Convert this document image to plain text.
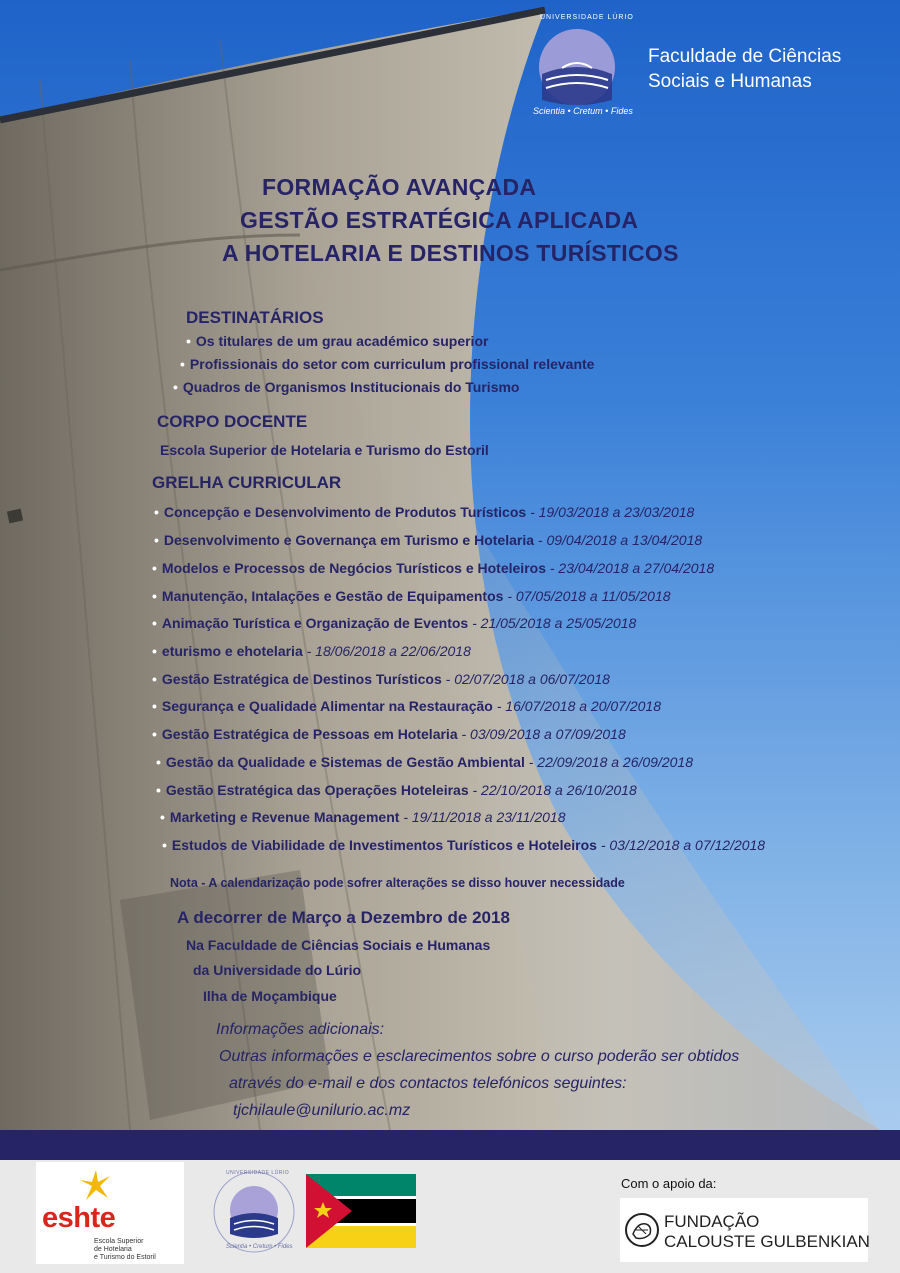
UNIVERSIDADE LÚRIO
Scientia • Cretum • Fides
Faculdade de Ciências
Sociais e Humanas
FORMAÇÃO AVANÇADA
GESTÃO ESTRATÉGICA APLICADA
A HOTELARIA E DESTINOS TURÍSTICOS
DESTINATÁRIOS
• Os titulares de um grau académico superior
• Profissionais do setor com curriculum profissional relevante
• Quadros de Organismos Institucionais do Turismo
CORPO DOCENTE
Escola Superior de Hotelaria e Turismo do Estoril
GRELHA CURRICULAR
• Concepção e Desenvolvimento de Produtos Turísticos - 19/03/2018 a 23/03/2018
• Desenvolvimento e Governança em Turismo e Hotelaria - 09/04/2018 a 13/04/2018
• Modelos e Processos de Negócios Turísticos e Hoteleiros - 23/04/2018 a 27/04/2018
• Manutenção, Intalações e Gestão de Equipamentos - 07/05/2018 a 11/05/2018
• Animação Turística e Organização de Eventos - 21/05/2018 a 25/05/2018
• eturismo e ehotelaria - 18/06/2018 a 22/06/2018
• Gestão Estratégica de Destinos Turísticos - 02/07/2018 a 06/07/2018
• Segurança e Qualidade Alimentar na Restauração - 16/07/2018 a 20/07/2018
• Gestão Estratégica de Pessoas em Hotelaria - 03/09/2018 a 07/09/2018
• Gestão da Qualidade e Sistemas de Gestão Ambiental - 22/09/2018 a 26/09/2018
• Gestão Estratégica das Operações Hoteleiras - 22/10/2018 a 26/10/2018
• Marketing e Revenue Management - 19/11/2018 a 23/11/2018
• Estudos de Viabilidade de Investimentos Turísticos e Hoteleiros - 03/12/2018 a 07/12/2018
Nota - A calendarização pode sofrer alterações se disso houver necessidade
A decorrer de Março a Dezembro de 2018
Na Faculdade de Ciências Sociais e Humanas
da Universidade do Lúrio
Ilha de Moçambique
Informações adicionais:
Outras informações e esclarecimentos sobre o curso poderão ser obtidos
através do e-mail e dos contactos telefónicos seguintes:
tjchilaule@unilurio.ac.mz
eshte
Escola Superior
de Hotelaria
e Turismo do Estoril
UNIVERSIDADE LÚRIO
Scientia • Cretum • Fides
Com o apoio da:
FUNDAÇÃO
CALOUSTE GULBENKIAN
